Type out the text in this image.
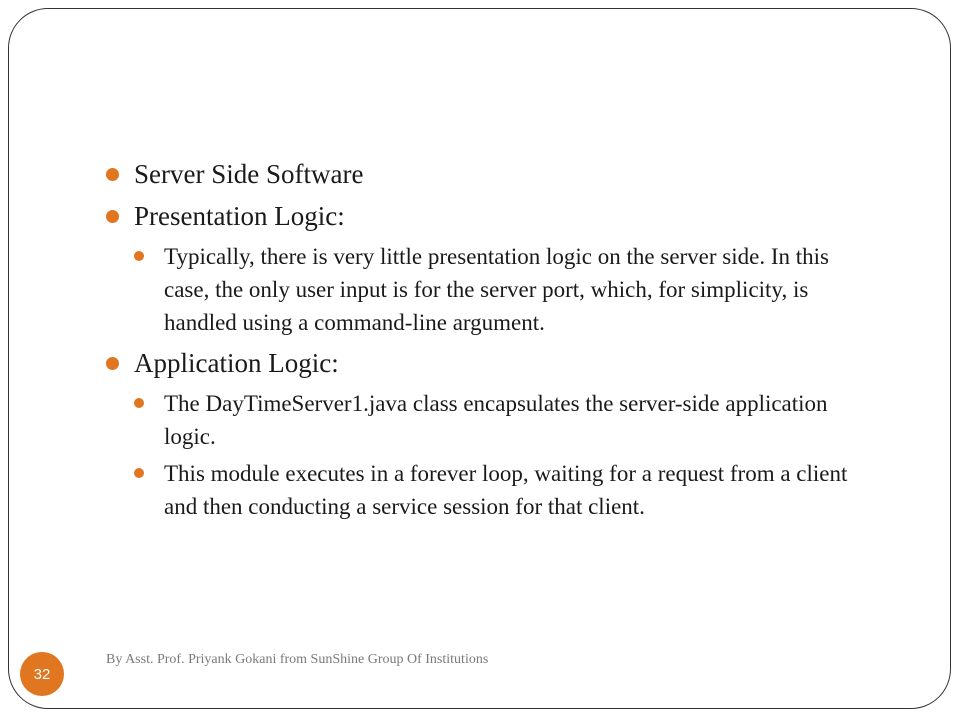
Server Side Software
Presentation Logic:
Typically, there is very little presentation logic on the server side. In this case, the only user input is for the server port, which, for simplicity, is handled using a command-line argument.
Application Logic:
The DayTimeServer1.java class encapsulates the server-side application logic.
This module executes in a forever loop, waiting for a request from a client and then conducting a service session for that client.
32
By Asst. Prof. Priyank Gokani from SunShine Group Of Institutions
